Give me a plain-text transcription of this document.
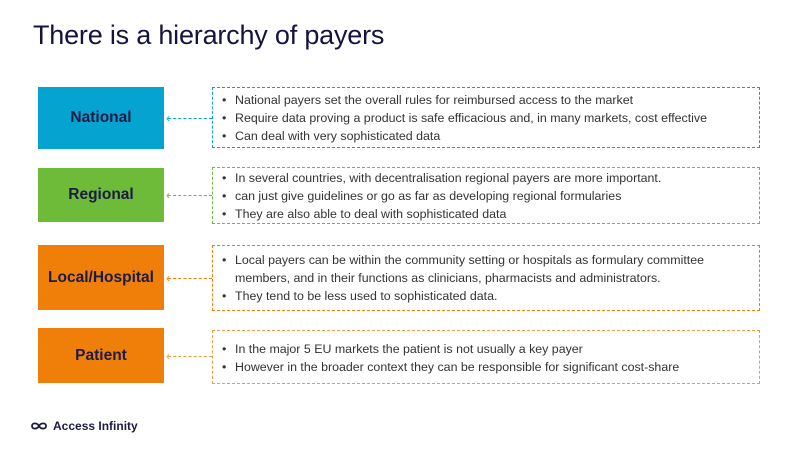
There is a hierarchy of payers
National	‹
• National payers set the overall rules for reimbursed access to the market
• Require data proving a product is safe efficacious and, in many markets, cost effective
• Can deal with very sophisticated data
Regional	‹
• In several countries, with decentralisation regional payers are more important.
• can just give guidelines or go as far as developing regional formularies
• They are also able to deal with sophisticated data
Local/Hospital ‹
• Local payers can be within the community setting or hospitals as formulary committee
members, and in their functions as clinicians, pharmacists and administrators.
• They tend to be less used to sophisticated data.
Patient	‹	• In the major 5 EU markets the patient is not usually a key payer
• However in the broader context they can be responsible for significant cost-share
Access Infinity
